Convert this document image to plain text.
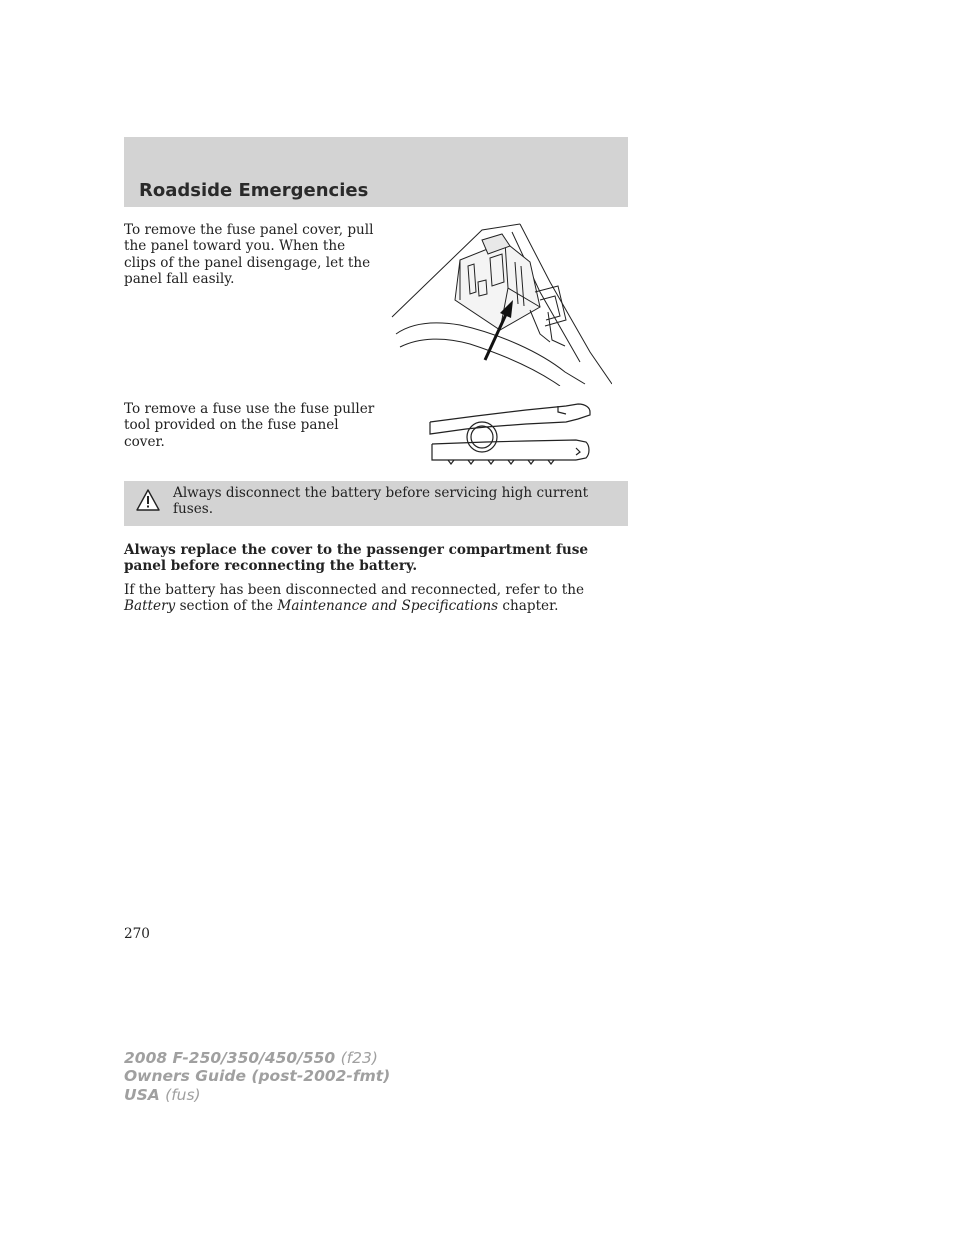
Roadside Emergencies

To remove the fuse panel cover, pull the panel toward you. When the clips of the panel disengage, let the panel fall easily.

To remove a fuse use the fuse puller tool provided on the fuse panel cover.

Always disconnect the battery before servicing high current fuses.

Always replace the cover to the passenger compartment fuse panel before reconnecting the battery.

If the battery has been disconnected and reconnected, refer to the
Battery section of the Maintenance and Specifications chapter.

270

2008 F-250/350/450/550 (f23)
Owners Guide (post-2002-fmt)
USA (fus)
